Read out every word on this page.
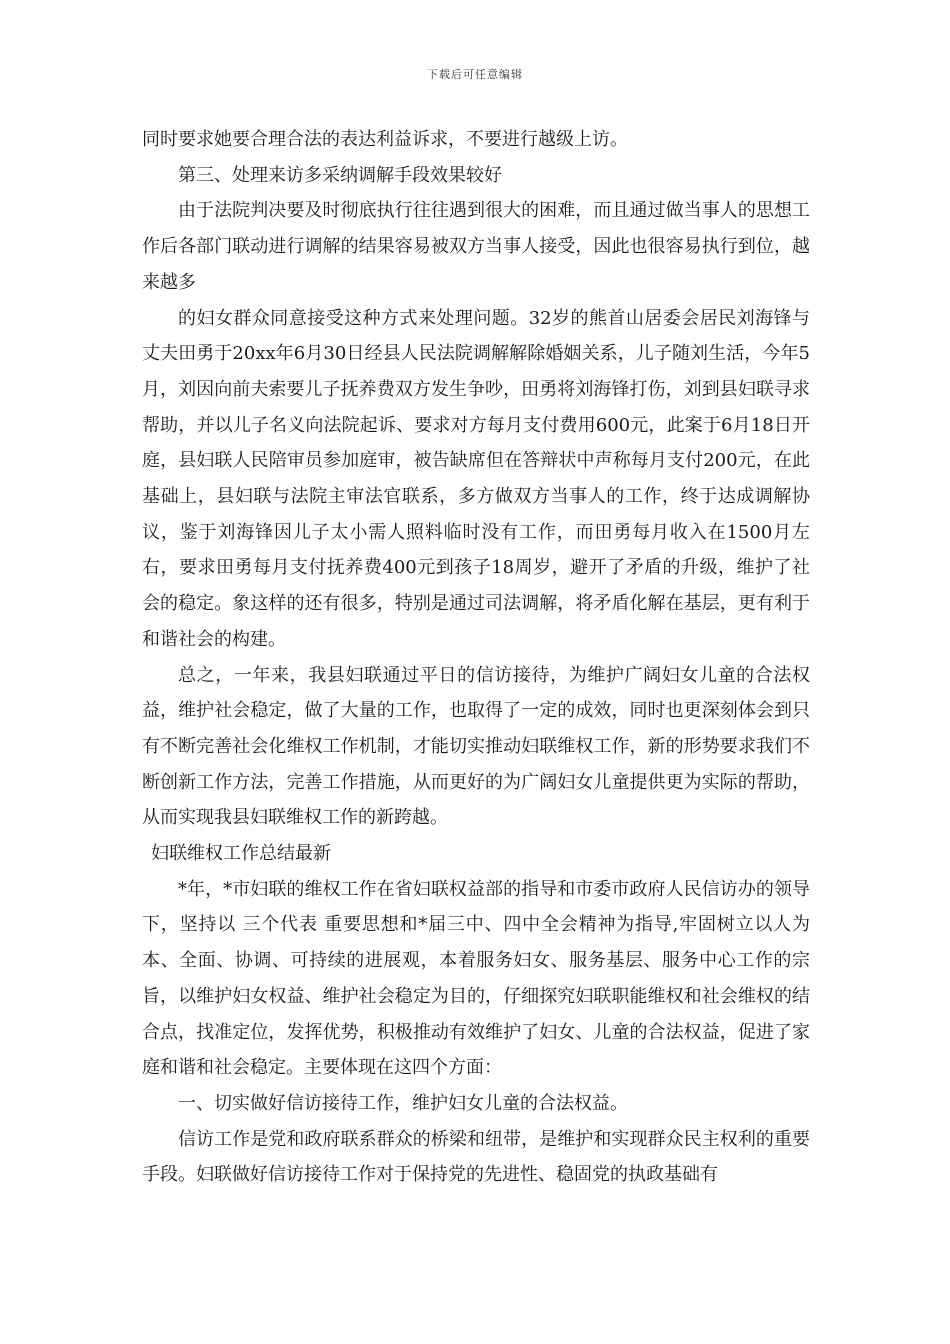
下载后可任意编辑

同时要求她要合理合法的表达利益诉求，不要进行越级上访。

第三、处理来访多采纳调解手段效果较好

由于法院判决要及时彻底执行往往遇到很大的困难，而且通过做当事人的思想工作后各部门联动进行调解的结果容易被双方当事人接受，因此也很容易执行到位，越来越多

的妇女群众同意接受这种方式来处理问题。32岁的熊首山居委会居民刘海锋与丈夫田勇于20xx年6月30日经县人民法院调解解除婚姻关系，儿子随刘生活，今年5月，刘因向前夫索要儿子抚养费双方发生争吵，田勇将刘海锋打伤，刘到县妇联寻求帮助，并以儿子名义向法院起诉、要求对方每月支付费用600元，此案于6月18日开庭，县妇联人民陪审员参加庭审，被告缺席但在答辩状中声称每月支付200元，在此基础上，县妇联与法院主审法官联系，多方做双方当事人的工作，终于达成调解协议，鉴于刘海锋因儿子太小需人照料临时没有工作，而田勇每月收入在1500月左右，要求田勇每月支付抚养费400元到孩子18周岁，避开了矛盾的升级，维护了社会的稳定。象这样的还有很多，特别是通过司法调解，将矛盾化解在基层，更有利于和谐社会的构建。

总之，一年来，我县妇联通过平日的信访接待，为维护广阔妇女儿童的合法权益，维护社会稳定，做了大量的工作，也取得了一定的成效，同时也更深刻体会到只有不断完善社会化维权工作机制，才能切实推动妇联维权工作，新的形势要求我们不断创新工作方法，完善工作措施，从而更好的为广阔妇女儿童提供更为实际的帮助，从而实现我县妇联维权工作的新跨越。

妇联维权工作总结最新

*年，*市妇联的维权工作在省妇联权益部的指导和市委市政府人民信访办的领导下，坚持以 三个代表 重要思想和*届三中、四中全会精神为指导,牢固树立以人为本、全面、协调、可持续的进展观，本着服务妇女、服务基层、服务中心工作的宗旨，以维护妇女权益、维护社会稳定为目的，仔细探究妇联职能维权和社会维权的结合点，找准定位，发挥优势，积极推动有效维护了妇女、儿童的合法权益，促进了家庭和谐和社会稳定。主要体现在这四个方面：

一、切实做好信访接待工作，维护妇女儿童的合法权益。

信访工作是党和政府联系群众的桥梁和纽带，是维护和实现群众民主权利的重要手段。妇联做好信访接待工作对于保持党的先进性、稳固党的执政基础有
